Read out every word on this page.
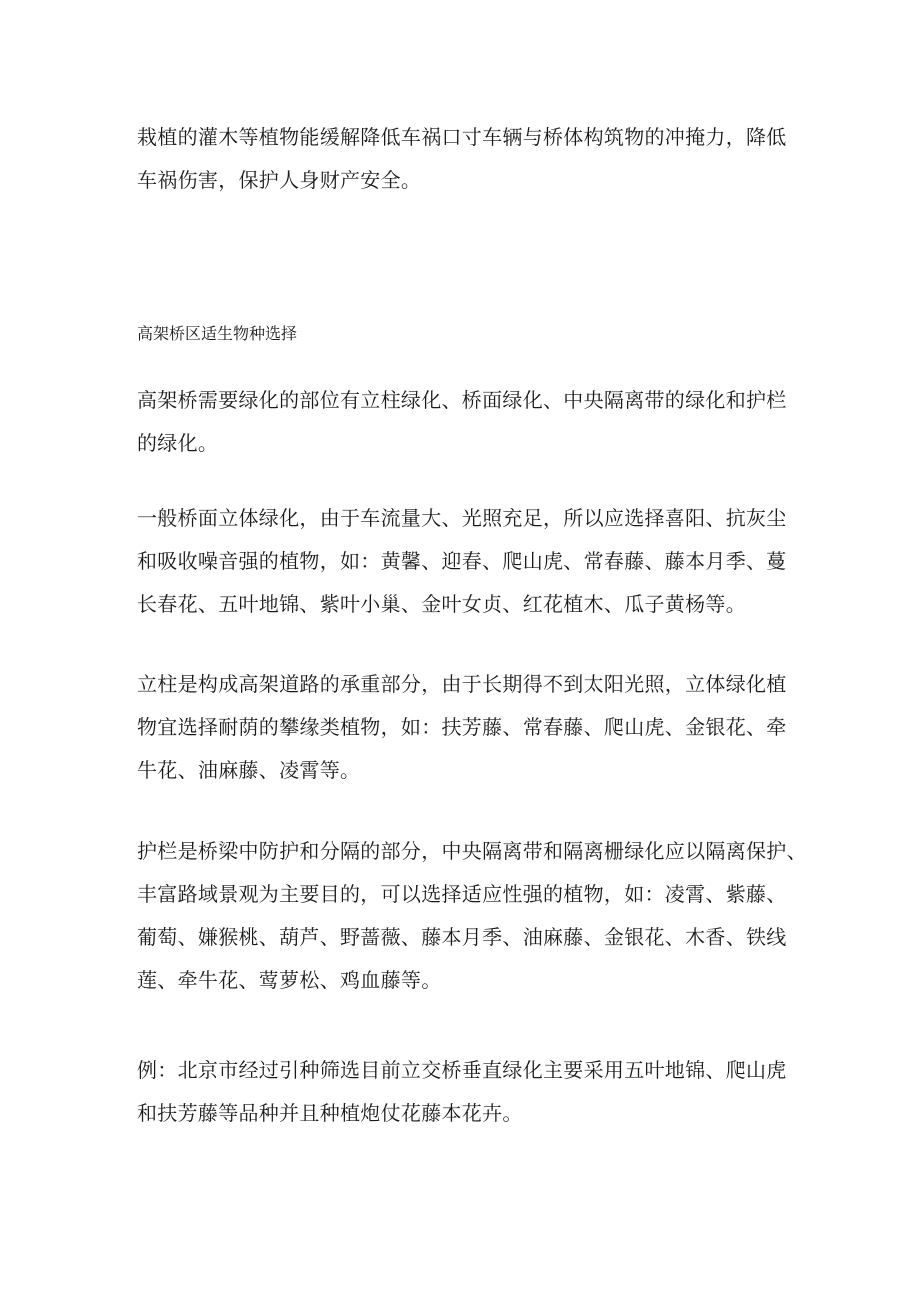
栽植的灌木等植物能缓解降低车祸口寸车辆与桥体构筑物的冲掩力，降低
车祸伤害，保护人身财产安全。

高架桥区适生物种选择

高架桥需要绿化的部位有立柱绿化、桥面绿化、中央隔离带的绿化和护栏
的绿化。

一般桥面立体绿化，由于车流量大、光照充足，所以应选择喜阳、抗灰尘
和吸收噪音强的植物，如：黄馨、迎春、爬山虎、常春藤、藤本月季、蔓
长春花、五叶地锦、紫叶小巢、金叶女贞、红花植木、瓜子黄杨等。

立柱是构成高架道路的承重部分，由于长期得不到太阳光照，立体绿化植
物宜选择耐荫的攀缘类植物，如：扶芳藤、常春藤、爬山虎、金银花、牵
牛花、油麻藤、凌霄等。

护栏是桥梁中防护和分隔的部分，中央隔离带和隔离栅绿化应以隔离保护、
丰富路域景观为主要目的，可以选择适应性强的植物，如：凌霄、紫藤、
葡萄、嫌猴桃、葫芦、野蔷薇、藤本月季、油麻藤、金银花、木香、铁线
莲、牵牛花、莺萝松、鸡血藤等。

例：北京市经过引种筛选目前立交桥垂直绿化主要采用五叶地锦、爬山虎
和扶芳藤等品种并且种植炮仗花藤本花卉。
